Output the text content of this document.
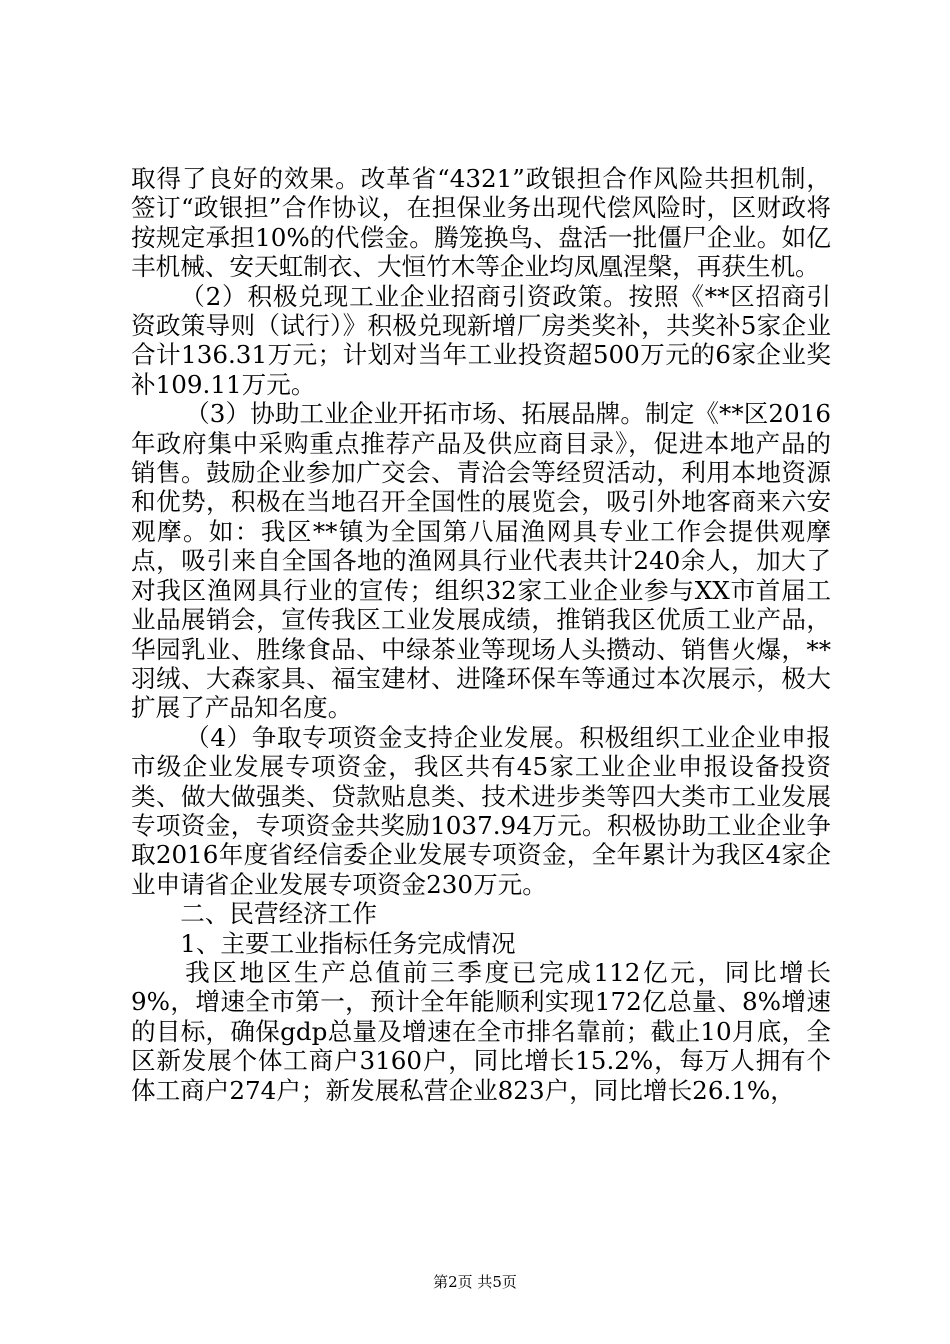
取得了良好的效果。改革省“4321”政银担合作风险共担机制，签订“政银担”合作协议，在担保业务出现代偿风险时，区财政将按规定承担10%的代偿金。腾笼换鸟、盘活一批僵尸企业。如亿丰机械、安天虹制衣、大恒竹木等企业均凤凰涅槃，再获生机。

（2）积极兑现工业企业招商引资政策。按照《**区招商引资政策导则（试行）》积极兑现新增厂房类奖补，共奖补5家企业合计136.31万元；计划对当年工业投资超500万元的6家企业奖补109.11万元。

（3）协助工业企业开拓市场、拓展品牌。制定《**区2016年政府集中采购重点推荐产品及供应商目录》，促进本地产品的销售。鼓励企业参加广交会、青洽会等经贸活动，利用本地资源和优势，积极在当地召开全国性的展览会，吸引外地客商来六安观摩。如：我区**镇为全国第八届渔网具专业工作会提供观摩点，吸引来自全国各地的渔网具行业代表共计240余人，加大了对我区渔网具行业的宣传；组织32家工业企业参与XX市首届工业品展销会，宣传我区工业发展成绩，推销我区优质工业产品，华园乳业、胜缘食品、中绿茶业等现场人头攒动、销售火爆，**羽绒、大森家具、福宝建材、进隆环保车等通过本次展示，极大扩展了产品知名度。

（4）争取专项资金支持企业发展。积极组织工业企业申报市级企业发展专项资金，我区共有45家工业企业申报设备投资类、做大做强类、贷款贴息类、技术进步类等四大类市工业发展专项资金，专项资金共奖励1037.94万元。积极协助工业企业争取2016年度省经信委企业发展专项资金，全年累计为我区4家企业申请省企业发展专项资金230万元。

二、民营经济工作

1、主要工业指标任务完成情况

我区地区生产总值前三季度已完成112亿元，同比增长9%，增速全市第一，预计全年能顺利实现172亿总量、8%增速的目标，确保gdp总量及增速在全市排名靠前；截止10月底，全区新发展个体工商户3160户，同比增长15.2%，每万人拥有个体工商户274户；新发展私营企业823户，同比增长26.1%，

第2页 共5页
